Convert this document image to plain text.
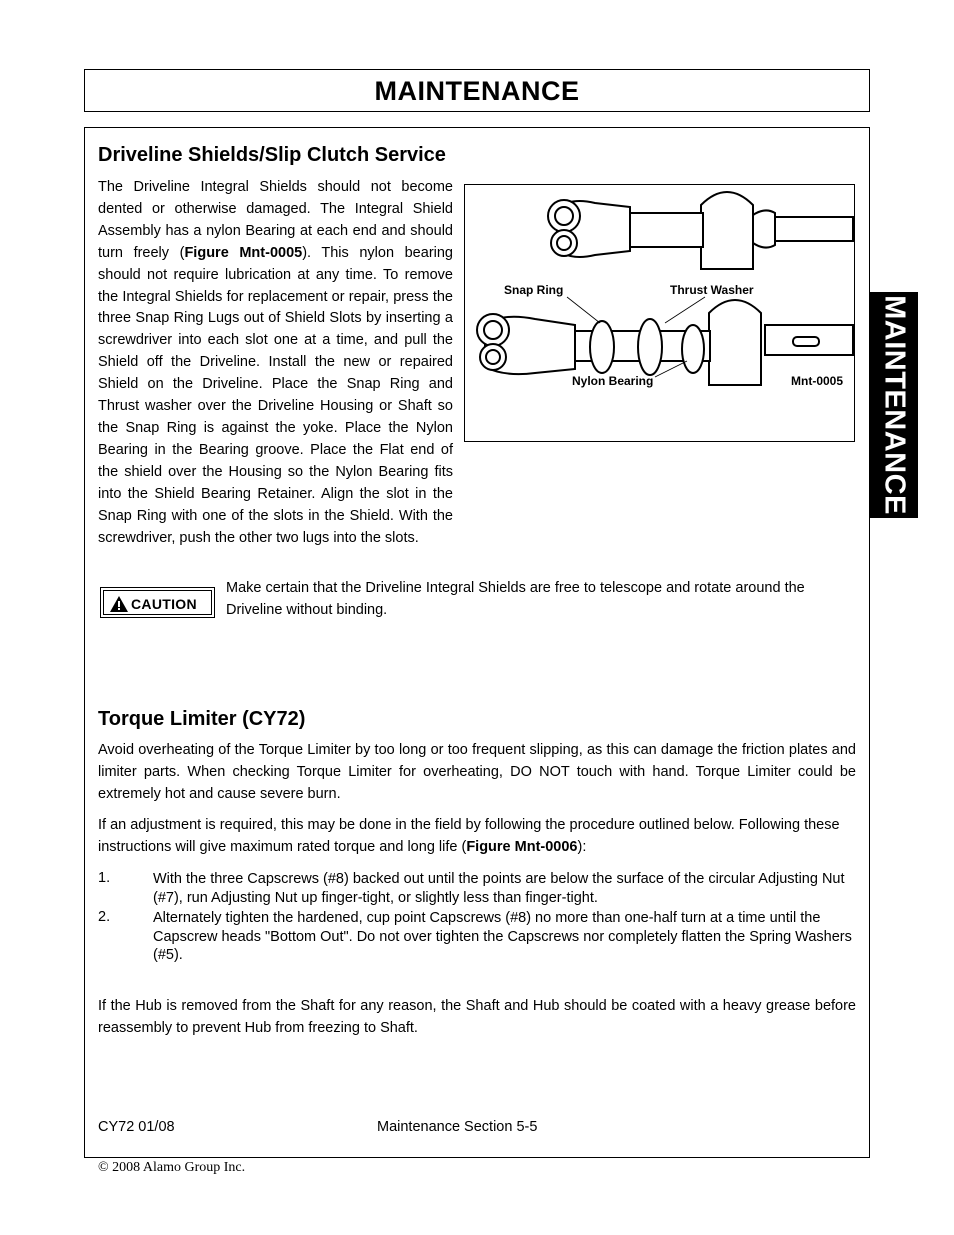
MAINTENANCE
MAINTENANCE
Driveline Shields/Slip Clutch Service
The Driveline Integral Shields should not become dented or otherwise damaged. The Integral Shield Assembly has a nylon Bearing at each end and should turn freely (Figure Mnt-0005). This nylon bearing should not require lubrication at any time. To remove the Integral Shields for replacement or repair, press the three Snap Ring Lugs out of Shield Slots by inserting a screwdriver into each slot one at a time, and pull the Shield off the Driveline. Install the new or repaired Shield on the Driveline. Place the Snap Ring and Thrust washer over the Driveline Housing or Shaft so the Snap Ring is against the yoke. Place the Nylon Bearing in the Bearing groove. Place the Flat end of the shield over the Housing so the Nylon Bearing fits into the Shield Bearing Retainer. Align the slot in the Snap Ring with one of the slots in the Shield. With the screwdriver, push the other two lugs into the slots.
Snap Ring	Thrust Washer
Nylon Bearing	Mnt-0005
CAUTION
Make certain that the Driveline Integral Shields are free to telescope and rotate around the Driveline without binding.
Torque Limiter (CY72)
Avoid overheating of the Torque Limiter by too long or too frequent slipping, as this can damage the friction plates and limiter parts. When checking Torque Limiter for overheating, DO NOT touch with hand. Torque Limiter could be extremely hot and cause severe burn.
If an adjustment is required, this may be done in the field by following the procedure outlined below. Following these instructions will give maximum rated torque and long life (Figure Mnt-0006):
1.	With the three Capscrews (#8) backed out until the points are below the surface of the circular Adjusting Nut (#7), run Adjusting Nut up finger-tight, or slightly less than finger-tight.
2.	Alternately tighten the hardened, cup point Capscrews (#8) no more than one-half turn at a time until the Capscrew heads "Bottom Out". Do not over tighten the Capscrews nor completely flatten the Spring Washers (#5).
If the Hub is removed from the Shaft for any reason, the Shaft and Hub should be coated with a heavy grease before reassembly to prevent Hub from freezing to Shaft.
CY72 01/08	Maintenance Section 5-5
© 2008 Alamo Group Inc.
